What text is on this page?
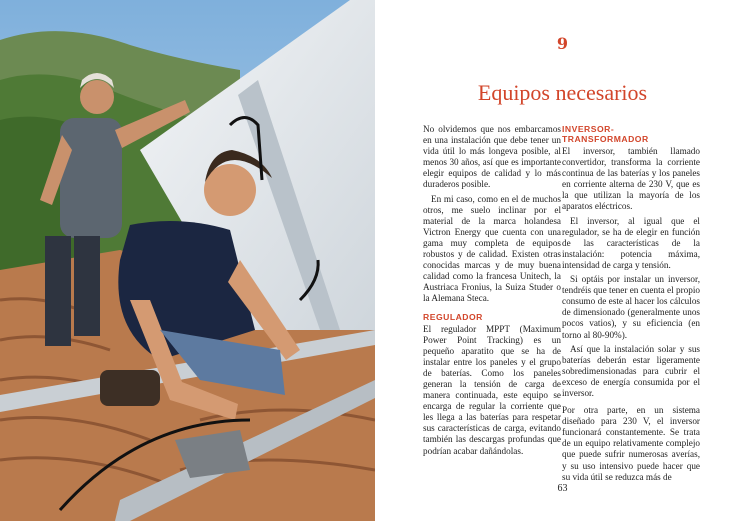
9
Equipos necesarios

No olvidemos que nos embarcamos en una instalación que debe tener un vida útil lo más longeva posible, al menos 30 años, así que es importante elegir equipos de calidad y lo más duraderos posible.

En mi caso, como en el de muchos otros, me suelo inclinar por el material de la marca holandesa Victron Energy que cuenta con una gama muy completa de equipos robustos y de calidad. Existen otras conocidas marcas y de muy buena calidad como la francesa Unitech, la Austriaca Fronius, la Suiza Studer o la Alemana Steca.

REGULADOR

El regulador MPPT (Maximum Power Point Tracking) es un pequeño aparatito que se ha de instalar entre los paneles y el grupo de baterías. Como los paneles generan la tensión de carga de manera continuada, este equipo se encarga de regular la corriente que les llega a las baterías para respetar sus características de carga, evitando también las descargas profundas que podrían acabar dañándolas.

INVERSOR-
TRANSFORMADOR

El inversor, también llamado convertidor, transforma la corriente continua de las baterías y los paneles en corriente alterna de 230 V, que es la que utilizan la mayoría de los aparatos eléctricos.

El inversor, al igual que el regulador, se ha de elegir en función de las características de la instalación: potencia máxima, intensidad de carga y tensión.

Si optáis por instalar un inversor, tendréis que tener en cuenta el propio consumo de este al hacer los cálculos de dimensionado (generalmente unos pocos vatios), y su eficiencia (en torno al 80-90%).

Así que la instalación solar y sus baterías deberán estar ligeramente sobredimensionadas para cubrir el exceso de energía consumida por el inversor.

Por otra parte, en un sistema diseñado para 230 V, el inversor funcionará constantemente. Se trata de un equipo relativamente complejo que puede sufrir numerosas averías, y su uso intensivo puede hacer que su vida útil se reduzca más de

63
